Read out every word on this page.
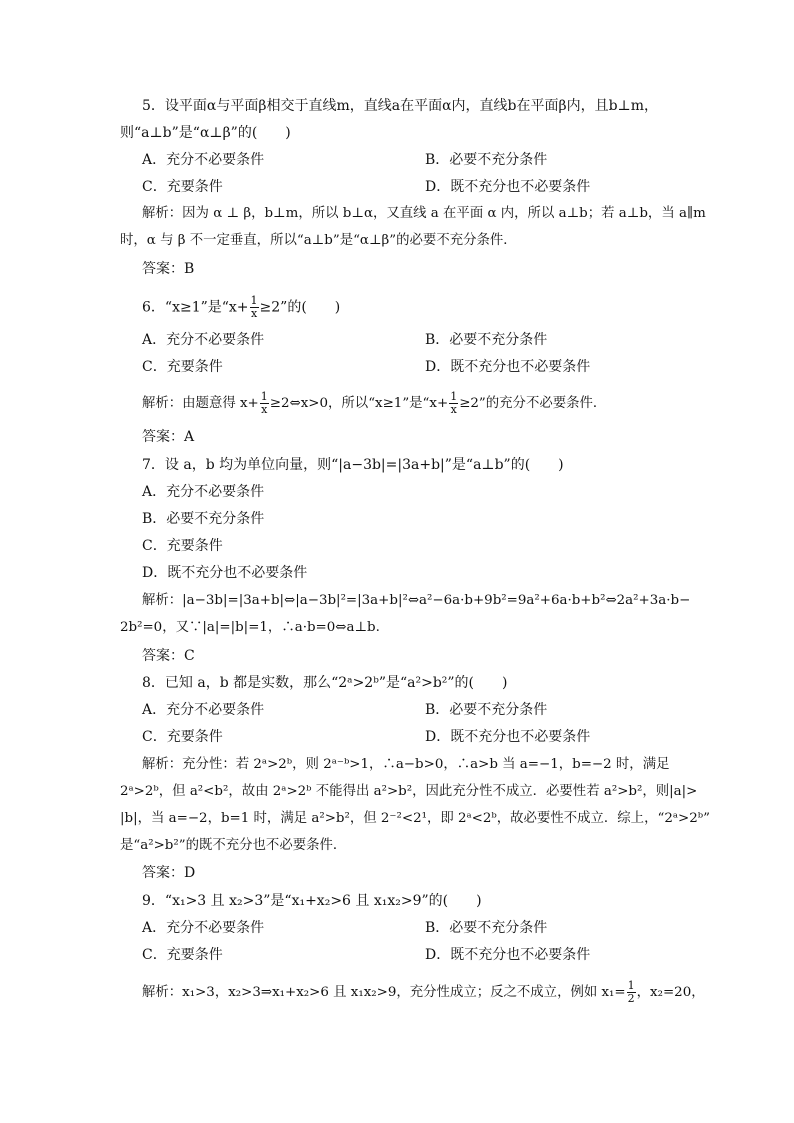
5．设平面α与平面β相交于直线m，直线a在平面α内，直线b在平面β内，且b⊥m，
则“a⊥b”是“α⊥β”的(　　)
A．充分不必要条件	B．必要不充分条件
C．充要条件	D．既不充分也不必要条件
解析：因为 α ⊥ β，b⊥m，所以 b⊥α，又直线 a 在平面 α 内，所以 a⊥b；若 a⊥b，当 a∥m
时，α 与 β 不一定垂直，所以“a⊥b”是“α⊥β”的必要不充分条件．
答案：B
6．“x≥1”是“$x+ \frac{1}{x} \ge 2$”的(　　)
A．充分不必要条件	B．必要不充分条件
C．充要条件	D．既不充分也不必要条件
解析：由题意得 $x+ \frac{1}{x}$ ≥2⇔x>0，所以“x≥1”是“$x+ \frac{1}{x} \ge 2$”的充分不必要条件．
答案：A
7．设 a，b 均为单位向量，则“|a−3b|=|3a+b|”是“a⊥b”的(　　)
A．充分不必要条件
B．必要不充分条件
C．充要条件
D．既不充分也不必要条件
解析：|a−3b|=|3a+b|⇔|a−3b|²=|3a+b|²⇔a²−6a·b+9b²=9a²+6a·b+b²⇔2a²+3a·b−
2b²=0，又∵|a|=|b|=1，∴a·b=0⇔a⊥b.
答案：C
8．已知 a，b 都是实数，那么“2ᵃ>2ᵇ”是“a²>b²”的(　　)
A．充分不必要条件	B．必要不充分条件
C．充要条件	D．既不充分也不必要条件
解析：充分性：若 2ᵃ>2ᵇ，则 2ᵃ⁻ᵇ>1，∴a−b>0，∴a>b 当 a=−1，b=−2 时，满足
2ᵃ>2ᵇ，但 a²<b²，故由 2ᵃ>2ᵇ 不能得出 a²>b²，因此充分性不成立．必要性若 a²>b²，则|a|>
|b|，当 a=−2，b=1 时，满足 a²>b²，但 2⁻²<2¹，即 2ᵃ<2ᵇ，故必要性不成立．综上，“2ᵃ>2ᵇ”
是“a²>b²”的既不充分也不必要条件．
答案：D
9．“x₁>3 且 x₂>3”是“x₁+x₂>6 且 x₁x₂>9”的(　　)
A．充分不必要条件	B．必要不充分条件
C．充要条件	D．既不充分也不必要条件
解析：x₁>3，x₂>3⇒x₁+x₂>6 且 x₁x₂>9，充分性成立；反之不成立，例如 $x_1= \frac{1}{2}$ ，x₂=20，
